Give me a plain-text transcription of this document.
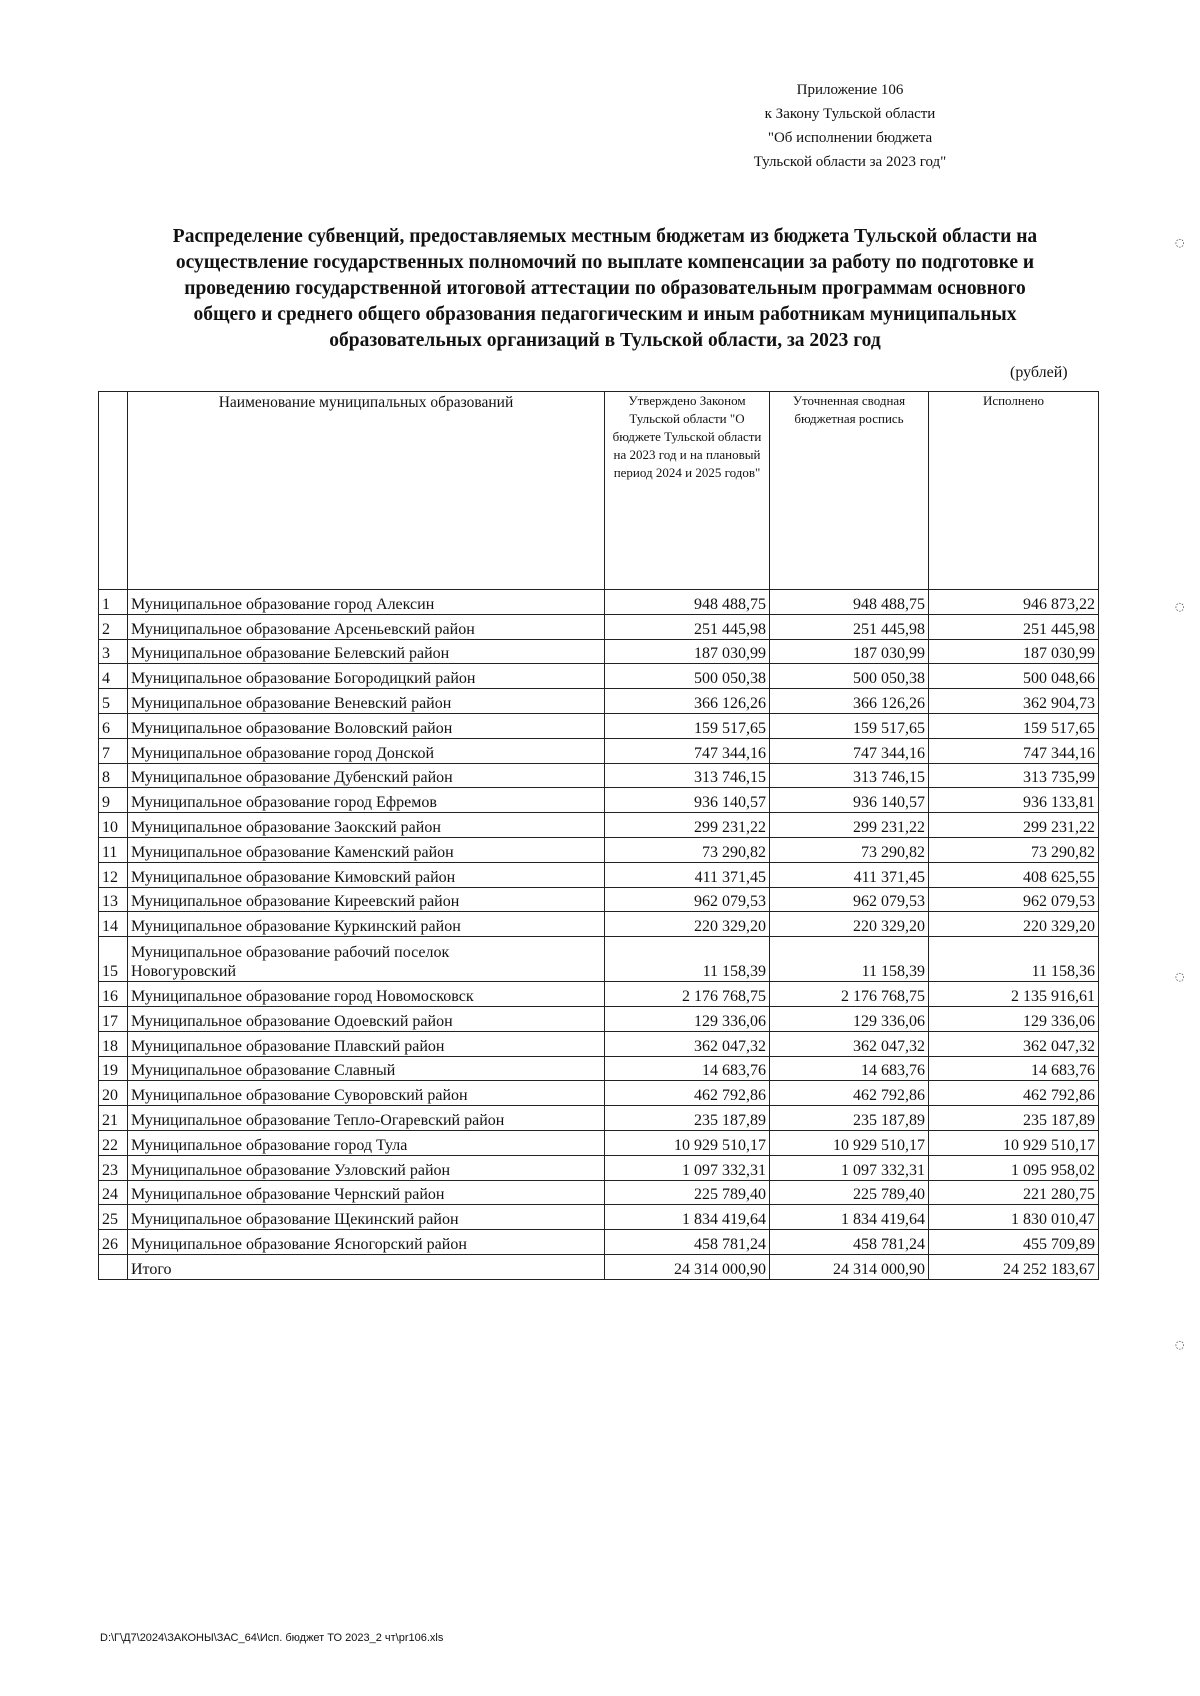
Приложение 106
к Закону Тульской области
"Об исполнении бюджета
Тульской области за 2023 год"
Распределение субвенций, предоставляемых местным бюджетам из бюджета Тульской области на
осуществление государственных полномочий по выплате компенсации за работу по подготовке и
проведению государственной итоговой аттестации по образовательным программам основного
общего и среднего общего образования педагогическим и иным работникам муниципальных
образовательных организаций в Тульской области, за 2023 год
(рублей)
	Наименование муниципальных образований	Утверждено Законом Тульской области "О бюджете Тульской области на 2023 год и на плановый период 2024 и 2025 годов"	Уточненная сводная бюджетная роспись	Исполнено
1	Муниципальное образование город Алексин	948 488,75	948 488,75	946 873,22
2	Муниципальное образование Арсеньевский район	251 445,98	251 445,98	251 445,98
3	Муниципальное образование Белевский район	187 030,99	187 030,99	187 030,99
4	Муниципальное образование Богородицкий район	500 050,38	500 050,38	500 048,66
5	Муниципальное образование Веневский район	366 126,26	366 126,26	362 904,73
6	Муниципальное образование Воловский район	159 517,65	159 517,65	159 517,65
7	Муниципальное образование город Донской	747 344,16	747 344,16	747 344,16
8	Муниципальное образование Дубенский район	313 746,15	313 746,15	313 735,99
9	Муниципальное образование город Ефремов	936 140,57	936 140,57	936 133,81
10	Муниципальное образование Заокский район	299 231,22	299 231,22	299 231,22
11	Муниципальное образование Каменский район	73 290,82	73 290,82	73 290,82
12	Муниципальное образование Кимовский район	411 371,45	411 371,45	408 625,55
13	Муниципальное образование Киреевский район	962 079,53	962 079,53	962 079,53
14	Муниципальное образование Куркинский район	220 329,20	220 329,20	220 329,20
15	Муниципальное образование рабочий поселок
Новогуровский	11 158,39	11 158,39	11 158,36
16	Муниципальное образование город Новомосковск	2 176 768,75	2 176 768,75	2 135 916,61
17	Муниципальное образование Одоевский район	129 336,06	129 336,06	129 336,06
18	Муниципальное образование Плавский район	362 047,32	362 047,32	362 047,32
19	Муниципальное образование Славный	14 683,76	14 683,76	14 683,76
20	Муниципальное образование Суворовский район	462 792,86	462 792,86	462 792,86
21	Муниципальное образование Тепло-Огаревский район	235 187,89	235 187,89	235 187,89
22	Муниципальное образование город Тула	10 929 510,17	10 929 510,17	10 929 510,17
23	Муниципальное образование Узловский район	1 097 332,31	1 097 332,31	1 095 958,02
24	Муниципальное образование Чернский район	225 789,40	225 789,40	221 280,75
25	Муниципальное образование Щекинский район	1 834 419,64	1 834 419,64	1 830 010,47
26	Муниципальное образование Ясногорский район	458 781,24	458 781,24	455 709,89
	Итого	24 314 000,90	24 314 000,90	24 252 183,67
D:\Г\Д7\2024\ЗАКОНЫ\ЗАС_64\Исп. бюджет ТО 2023_2 чт\pr106.xls
◌
◌
◌
◌
